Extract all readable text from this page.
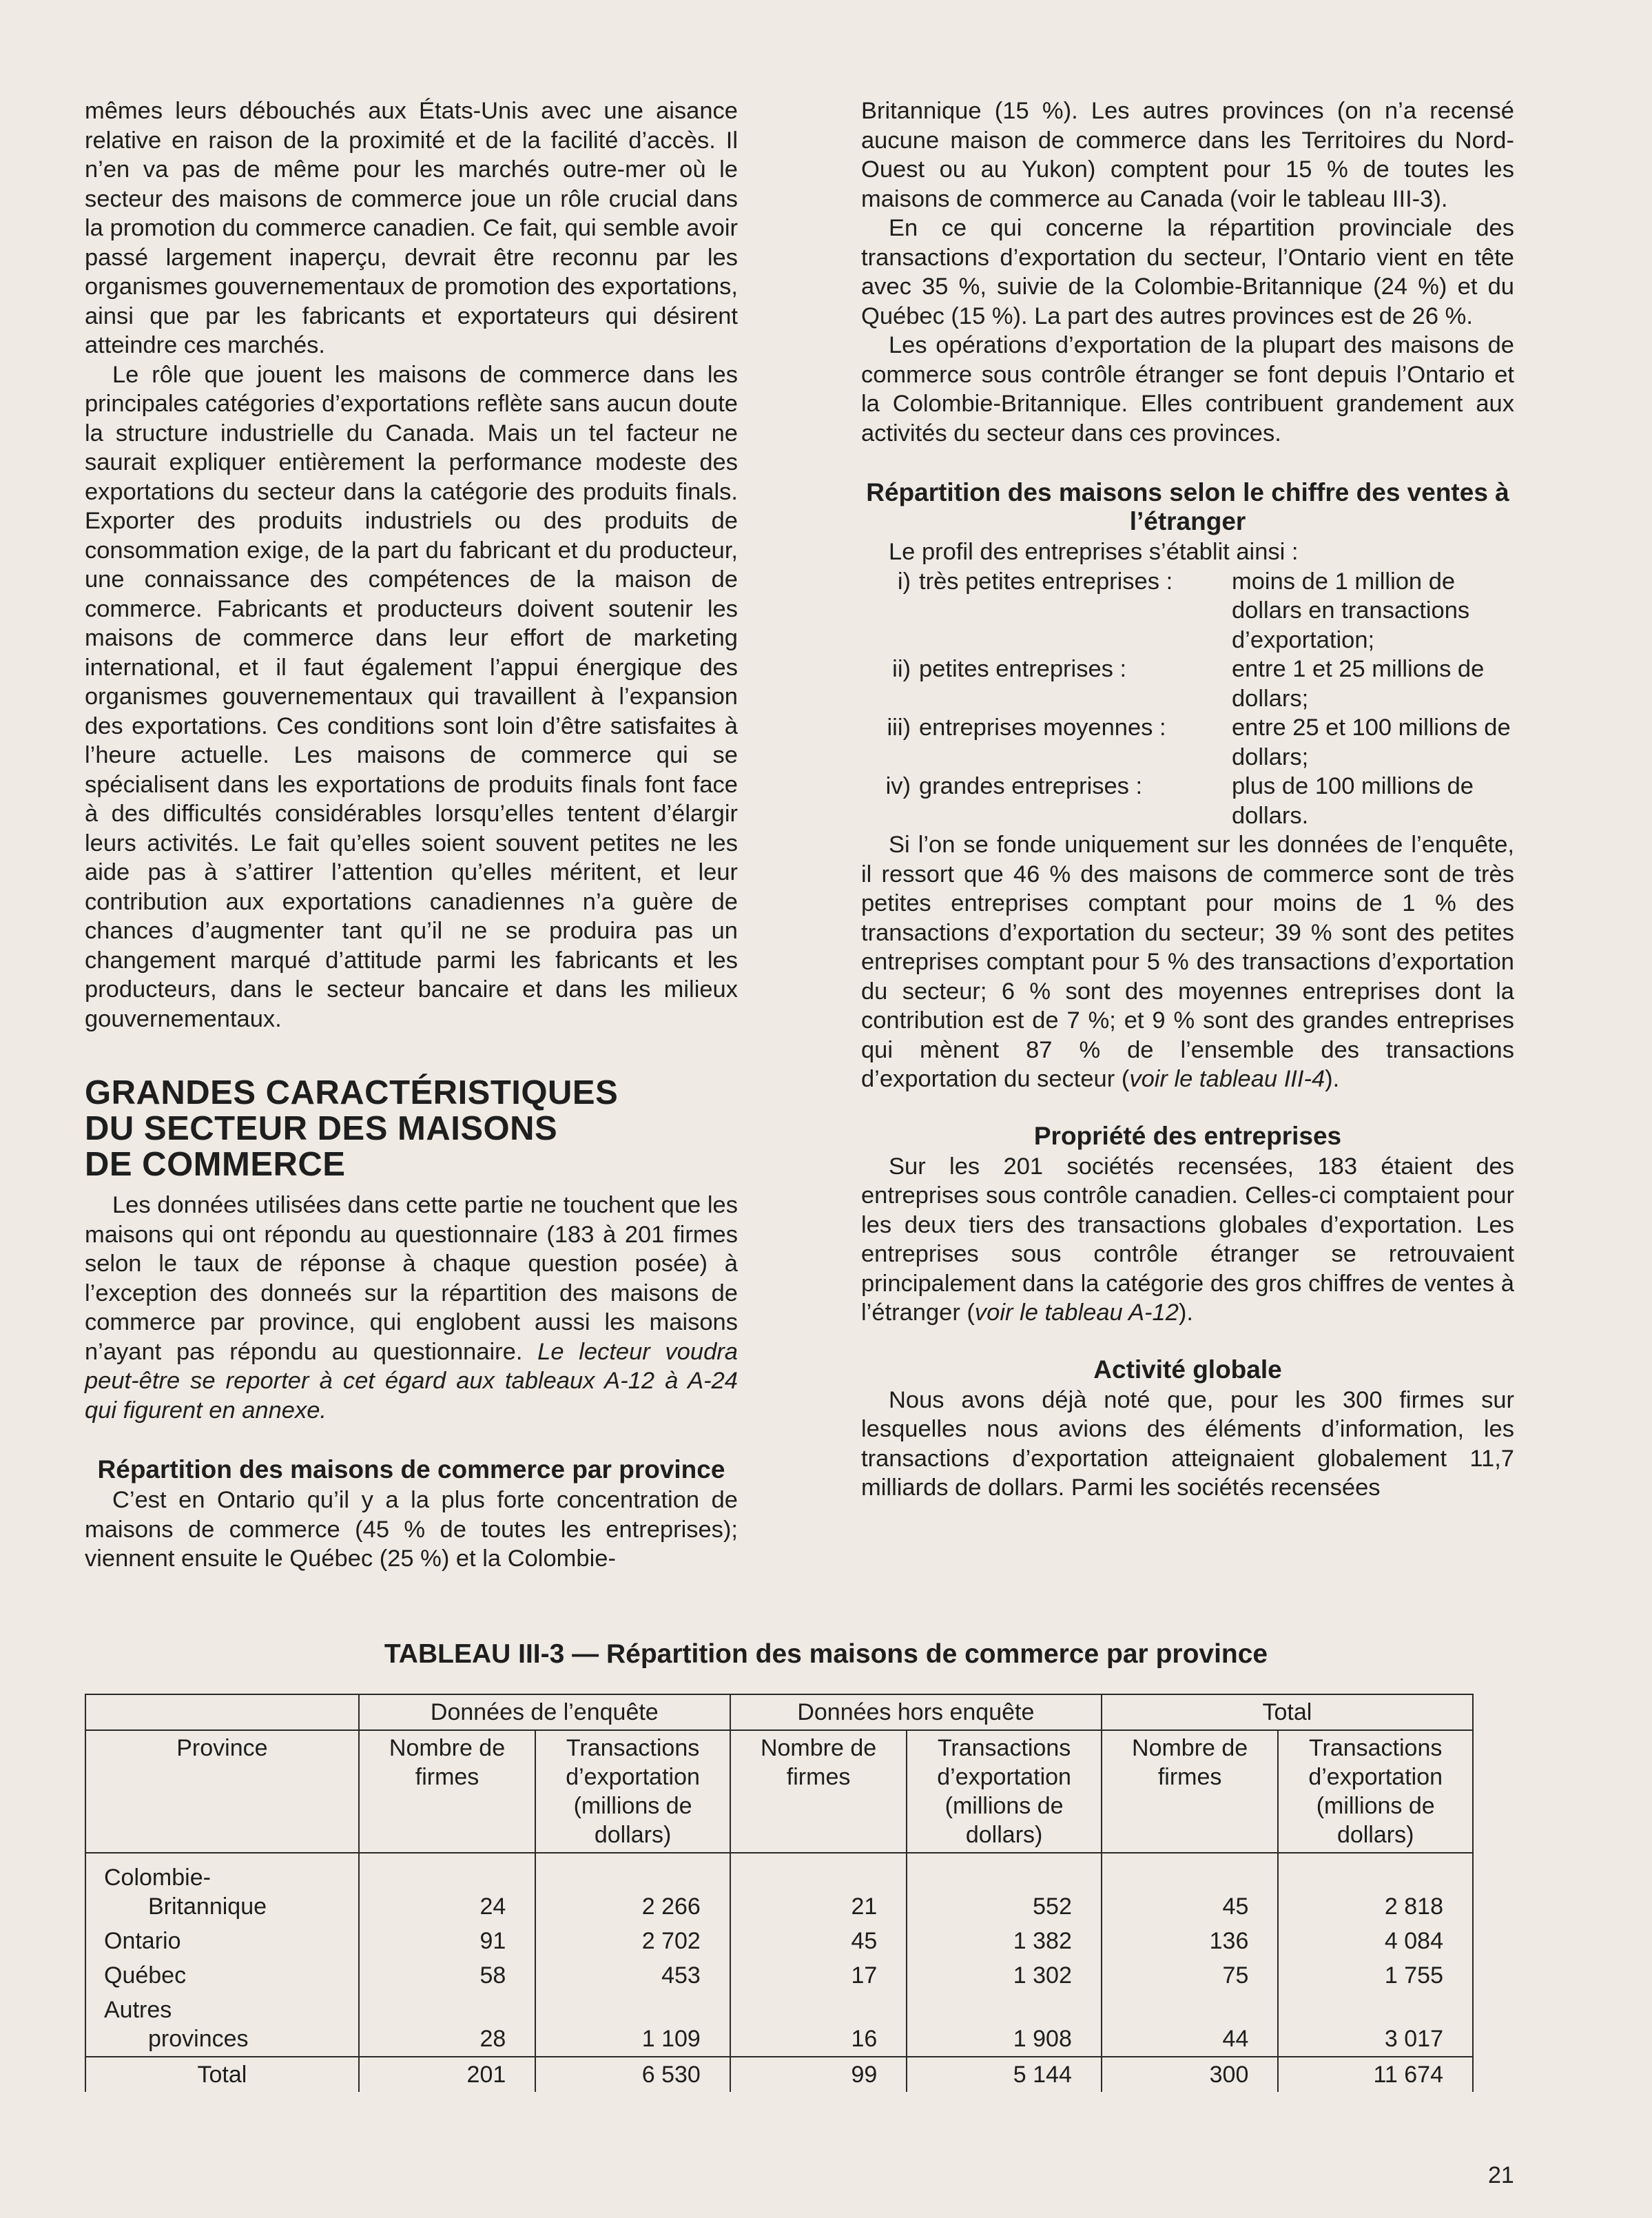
mêmes leurs débouchés aux États-Unis avec une aisance relative en raison de la proximité et de la facilité d’accès. Il n’en va pas de même pour les marchés outre-mer où le secteur des maisons de commerce joue un rôle crucial dans la promotion du commerce canadien. Ce fait, qui semble avoir passé largement inaperçu, devrait être reconnu par les organismes gouvernementaux de promotion des exportations, ainsi que par les fabricants et exportateurs qui désirent atteindre ces marchés.

Le rôle que jouent les maisons de commerce dans les principales catégories d’exportations reflète sans aucun doute la structure industrielle du Canada. Mais un tel facteur ne saurait expliquer entièrement la performance modeste des exportations du secteur dans la catégorie des produits finals. Exporter des produits industriels ou des produits de consommation exige, de la part du fabricant et du producteur, une connaissance des compétences de la maison de commerce. Fabricants et producteurs doivent soutenir les maisons de commerce dans leur effort de marketing international, et il faut également l’appui énergique des organismes gouvernementaux qui travaillent à l’expansion des exportations. Ces conditions sont loin d’être satisfaites à l’heure actuelle. Les maisons de commerce qui se spécialisent dans les exportations de produits finals font face à des difficultés considérables lorsqu’elles tentent d’élargir leurs activités. Le fait qu’elles soient souvent petites ne les aide pas à s’attirer l’attention qu’elles méritent, et leur contribution aux exportations canadiennes n’a guère de chances d’augmenter tant qu’il ne se produira pas un changement marqué d’attitude parmi les fabricants et les producteurs, dans le secteur bancaire et dans les milieux gouvernementaux.

GRANDES CARACTÉRISTIQUES
DU SECTEUR DES MAISONS
DE COMMERCE

Les données utilisées dans cette partie ne touchent que les maisons qui ont répondu au questionnaire (183 à 201 firmes selon le taux de réponse à chaque question posée) à l’exception des donneés sur la répartition des maisons de commerce par province, qui englobent aussi les maisons n’ayant pas répondu au questionnaire. Le lecteur voudra peut-être se reporter à cet égard aux tableaux A-12 à A-24 qui figurent en annexe.

Répartition des maisons de commerce par province

C’est en Ontario qu’il y a la plus forte concentration de maisons de commerce (45 % de toutes les entreprises); viennent ensuite le Québec (25 %) et la Colombie-

Britannique (15 %). Les autres provinces (on n’a recensé aucune maison de commerce dans les Territoires du Nord-Ouest ou au Yukon) comptent pour 15 % de toutes les maisons de commerce au Canada (voir le tableau III-3).

En ce qui concerne la répartition provinciale des transactions d’exportation du secteur, l’Ontario vient en tête avec 35 %, suivie de la Colombie-Britannique (24 %) et du Québec (15 %). La part des autres provinces est de 26 %.

Les opérations d’exportation de la plupart des maisons de commerce sous contrôle étranger se font depuis l’Ontario et la Colombie-Britannique. Elles contribuent grandement aux activités du secteur dans ces provinces.

Répartition des maisons selon le chiffre des ventes à l’étranger

Le profil des entreprises s’établit ainsi :

i) très petites entreprises :	moins de 1 million de dollars en transactions d’exportation;
ii) petites entreprises :	entre 1 et 25 millions de dollars;
iii) entreprises moyennes :	entre 25 et 100 millions de dollars;
iv) grandes entreprises :	plus de 100 millions de dollars.

Si l’on se fonde uniquement sur les données de l’enquête, il ressort que 46 % des maisons de commerce sont de très petites entreprises comptant pour moins de 1 % des transactions d’exportation du secteur; 39 % sont des petites entreprises comptant pour 5 % des transactions d’exportation du secteur; 6 % sont des moyennes entreprises dont la contribution est de 7 %; et 9 % sont des grandes entreprises qui mènent 87 % de l’ensemble des transactions d’exportation du secteur (voir le tableau III-4).

Propriété des entreprises

Sur les 201 sociétés recensées, 183 étaient des entreprises sous contrôle canadien. Celles-ci comptaient pour les deux tiers des transactions globales d’exportation. Les entreprises sous contrôle étranger se retrouvaient principalement dans la catégorie des gros chiffres de ventes à l’étranger (voir le tableau A-12).

Activité globale

Nous avons déjà noté que, pour les 300 firmes sur lesquelles nous avions des éléments d’information, les transactions d’exportation atteignaient globalement 11,7 milliards de dollars. Parmi les sociétés recensées

TABLEAU III-3 — Répartition des maisons de commerce par province
	Données de l’enquête		Données hors enquête		Total	
Province	Nombre de firmes	Transactions d’exportation (millions de dollars)	Nombre de firmes	Transactions d’exportation (millions de dollars)	Nombre de firmes	Transactions d’exportation (millions de dollars)
Colombie-
Britannique	24	2 266	21	552	45	2 818
Ontario	91	2 702	45	1 382	136	4 084
Québec	58	453	17	1 302	75	1 755
Autres
provinces	28	1 109	16	1 908	44	3 017
Total	201	6 530	99	5 144	300	11 674
21
